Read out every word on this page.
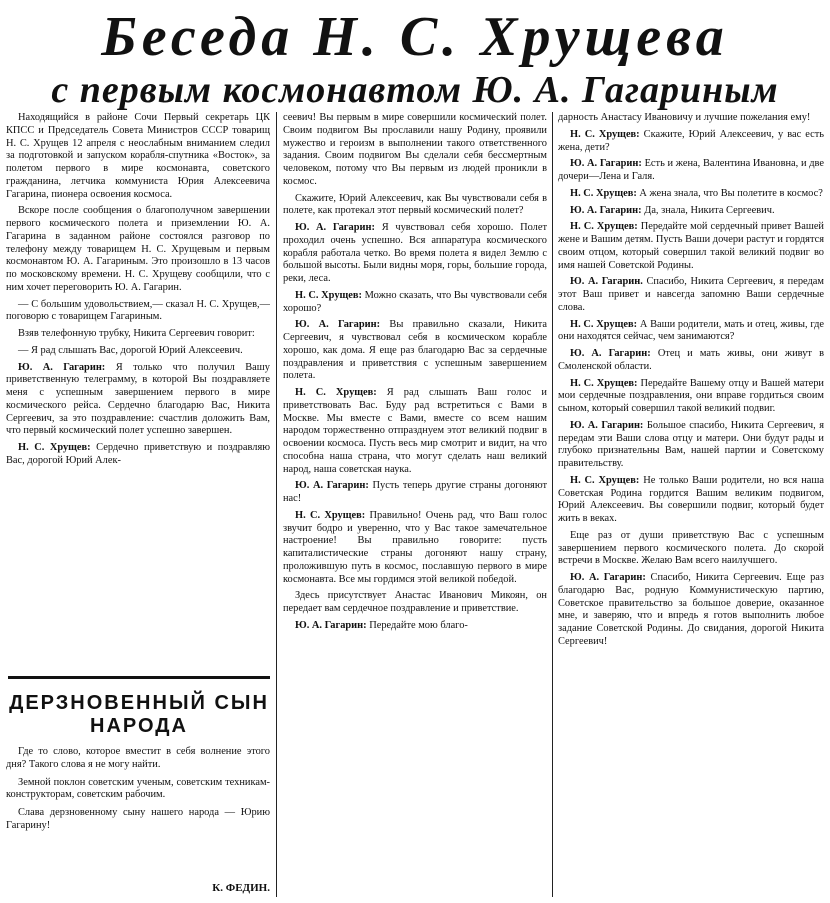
Беседа Н. С. Хрущева
с первым космонавтом Ю. А. Гагариным

Находящийся в районе Сочи Первый секретарь ЦК КПСС и Председатель Совета Министров СССР товарищ Н. С. Хрущев 12 апреля с неослабным вниманием следил за подготовкой и запуском корабля-спутника «Восток», за полетом первого в мире космонавта, советского гражданина, летчика коммуниста Юрия Алексеевича Гагарина, пионера освоения космоса.

Вскоре после сообщения о благополучном завершении первого космического полета и приземлении Ю. А. Гагарина в заданном районе состоялся разговор по телефону между товарищем Н. С. Хрущевым и первым космонавтом Ю. А. Гагариным. Это произошло в 13 часов по московскому времени. Н. С. Хрущеву сообщили, что с ним хочет переговорить Ю. А. Гагарин.

— С большим удовольствием,— сказал Н. С. Хрущев,— поговорю с товарищем Гагариным.

Взяв телефонную трубку, Никита Сергеевич говорит:

— Я рад слышать Вас, дорогой Юрий Алексеевич.

Ю. А. Гагарин: Я только что получил Вашу приветственную телеграмму, в которой Вы поздравляете меня с успешным завершением первого в мире космического рейса. Сердечно благодарю Вас, Никита Сергеевич, за это поздравление: счастлив доложить Вам, что первый космический полет успешно завершен.

Н. С. Хрущев: Сердечно приветствую и поздравляю Вас, дорогой Юрий Алек-

ДЕРЗНОВЕННЫЙ СЫН НАРОДА

Где то слово, которое вместит в себя волнение этого дня? Такого слова я не могу найти.

Земной поклон советским ученым, советским техникам-конструкторам, советским рабочим.

Слава дерзновенному сыну нашего народа — Юрию Гагарину!

К. ФЕДИН.

сеевич! Вы первым в мире совершили космический полет. Своим подвигом Вы прославили нашу Родину, проявили мужество и героизм в выполнении такого ответственного задания. Своим подвигом Вы сделали себя бессмертным человеком, потому что Вы первым из людей проникли в космос.

Скажите, Юрий Алексеевич, как Вы чувствовали себя в полете, как протекал этот первый космический полет?

Ю. А. Гагарин: Я чувствовал себя хорошо. Полет проходил очень успешно. Вся аппаратура космического корабля работала четко. Во время полета я видел Землю с большой высоты. Были видны моря, горы, большие города, реки, леса.

Н. С. Хрущев: Можно сказать, что Вы чувствовали себя хорошо?

Ю. А. Гагарин: Вы правильно сказали, Никита Сергеевич, я чувствовал себя в космическом корабле хорошо, как дома. Я еще раз благодарю Вас за сердечные поздравления и приветствия с успешным завершением полета.

Н. С. Хрущев: Я рад слышать Ваш голос и приветствовать Вас. Буду рад встретиться с Вами в Москве. Мы вместе с Вами, вместе со всем нашим народом торжественно отпразднуем этот великий подвиг в освоении космоса. Пусть весь мир смотрит и видит, на что способна наша страна, что могут сделать наш великий народ, наша советская наука.

Ю. А. Гагарин: Пусть теперь другие страны догоняют нас!

Н. С. Хрущев: Правильно! Очень рад, что Ваш голос звучит бодро и уверенно, что у Вас такое замечательное настроение! Вы правильно говорите: пусть капиталистические страны догоняют нашу страну, проложившую путь в космос, пославшую первого в мире космонавта. Все мы гордимся этой великой победой.

Здесь присутствует Анастас Иванович Микоян, он передает вам сердечное поздравление и приветствие.

Ю. А. Гагарин: Передайте мою благо-

дарность Анастасу Ивановичу и лучшие пожелания ему!

Н. С. Хрущев: Скажите, Юрий Алексеевич, у вас есть жена, дети?

Ю. А. Гагарин: Есть и жена, Валентина Ивановна, и две дочери—Лена и Галя.

Н. С. Хрущев: А жена знала, что Вы полетите в космос?

Ю. А. Гагарин: Да, знала, Никита Сергеевич.

Н. С. Хрущев: Передайте мой сердечный привет Вашей жене и Вашим детям. Пусть Ваши дочери растут и гордятся своим отцом, который совершил такой великий подвиг во имя нашей Советской Родины.

Ю. А. Гагарин. Спасибо, Никита Сергеевич, я передам этот Ваш привет и навсегда запомню Ваши сердечные слова.

Н. С. Хрущев: А Ваши родители, мать и отец, живы, где они находятся сейчас, чем занимаются?

Ю. А. Гагарин: Отец и мать живы, они живут в Смоленской области.

Н. С. Хрущев: Передайте Вашему отцу и Вашей матери мои сердечные поздравления, они вправе гордиться своим сыном, который совершил такой великий подвиг.

Ю. А. Гагарин: Большое спасибо, Никита Сергеевич, я передам эти Ваши слова отцу и матери. Они будут рады и глубоко признательны Вам, нашей партии и Советскому правительству.

Н. С. Хрущев: Не только Ваши родители, но вся наша Советская Родина гордится Вашим великим подвигом, Юрий Алексеевич. Вы совершили подвиг, который будет жить в веках.

Еще раз от души приветствую Вас с успешным завершением первого космического полета. До скорой встречи в Москве. Желаю Вам всего наилучшего.

Ю. А. Гагарин: Спасибо, Никита Сергеевич. Еще раз благодарю Вас, родную Коммунистическую партию, Советское правительство за большое доверие, оказанное мне, и заверяю, что и впредь я готов выполнить любое задание Советской Родины. До свидания, дорогой Никита Сергеевич!
